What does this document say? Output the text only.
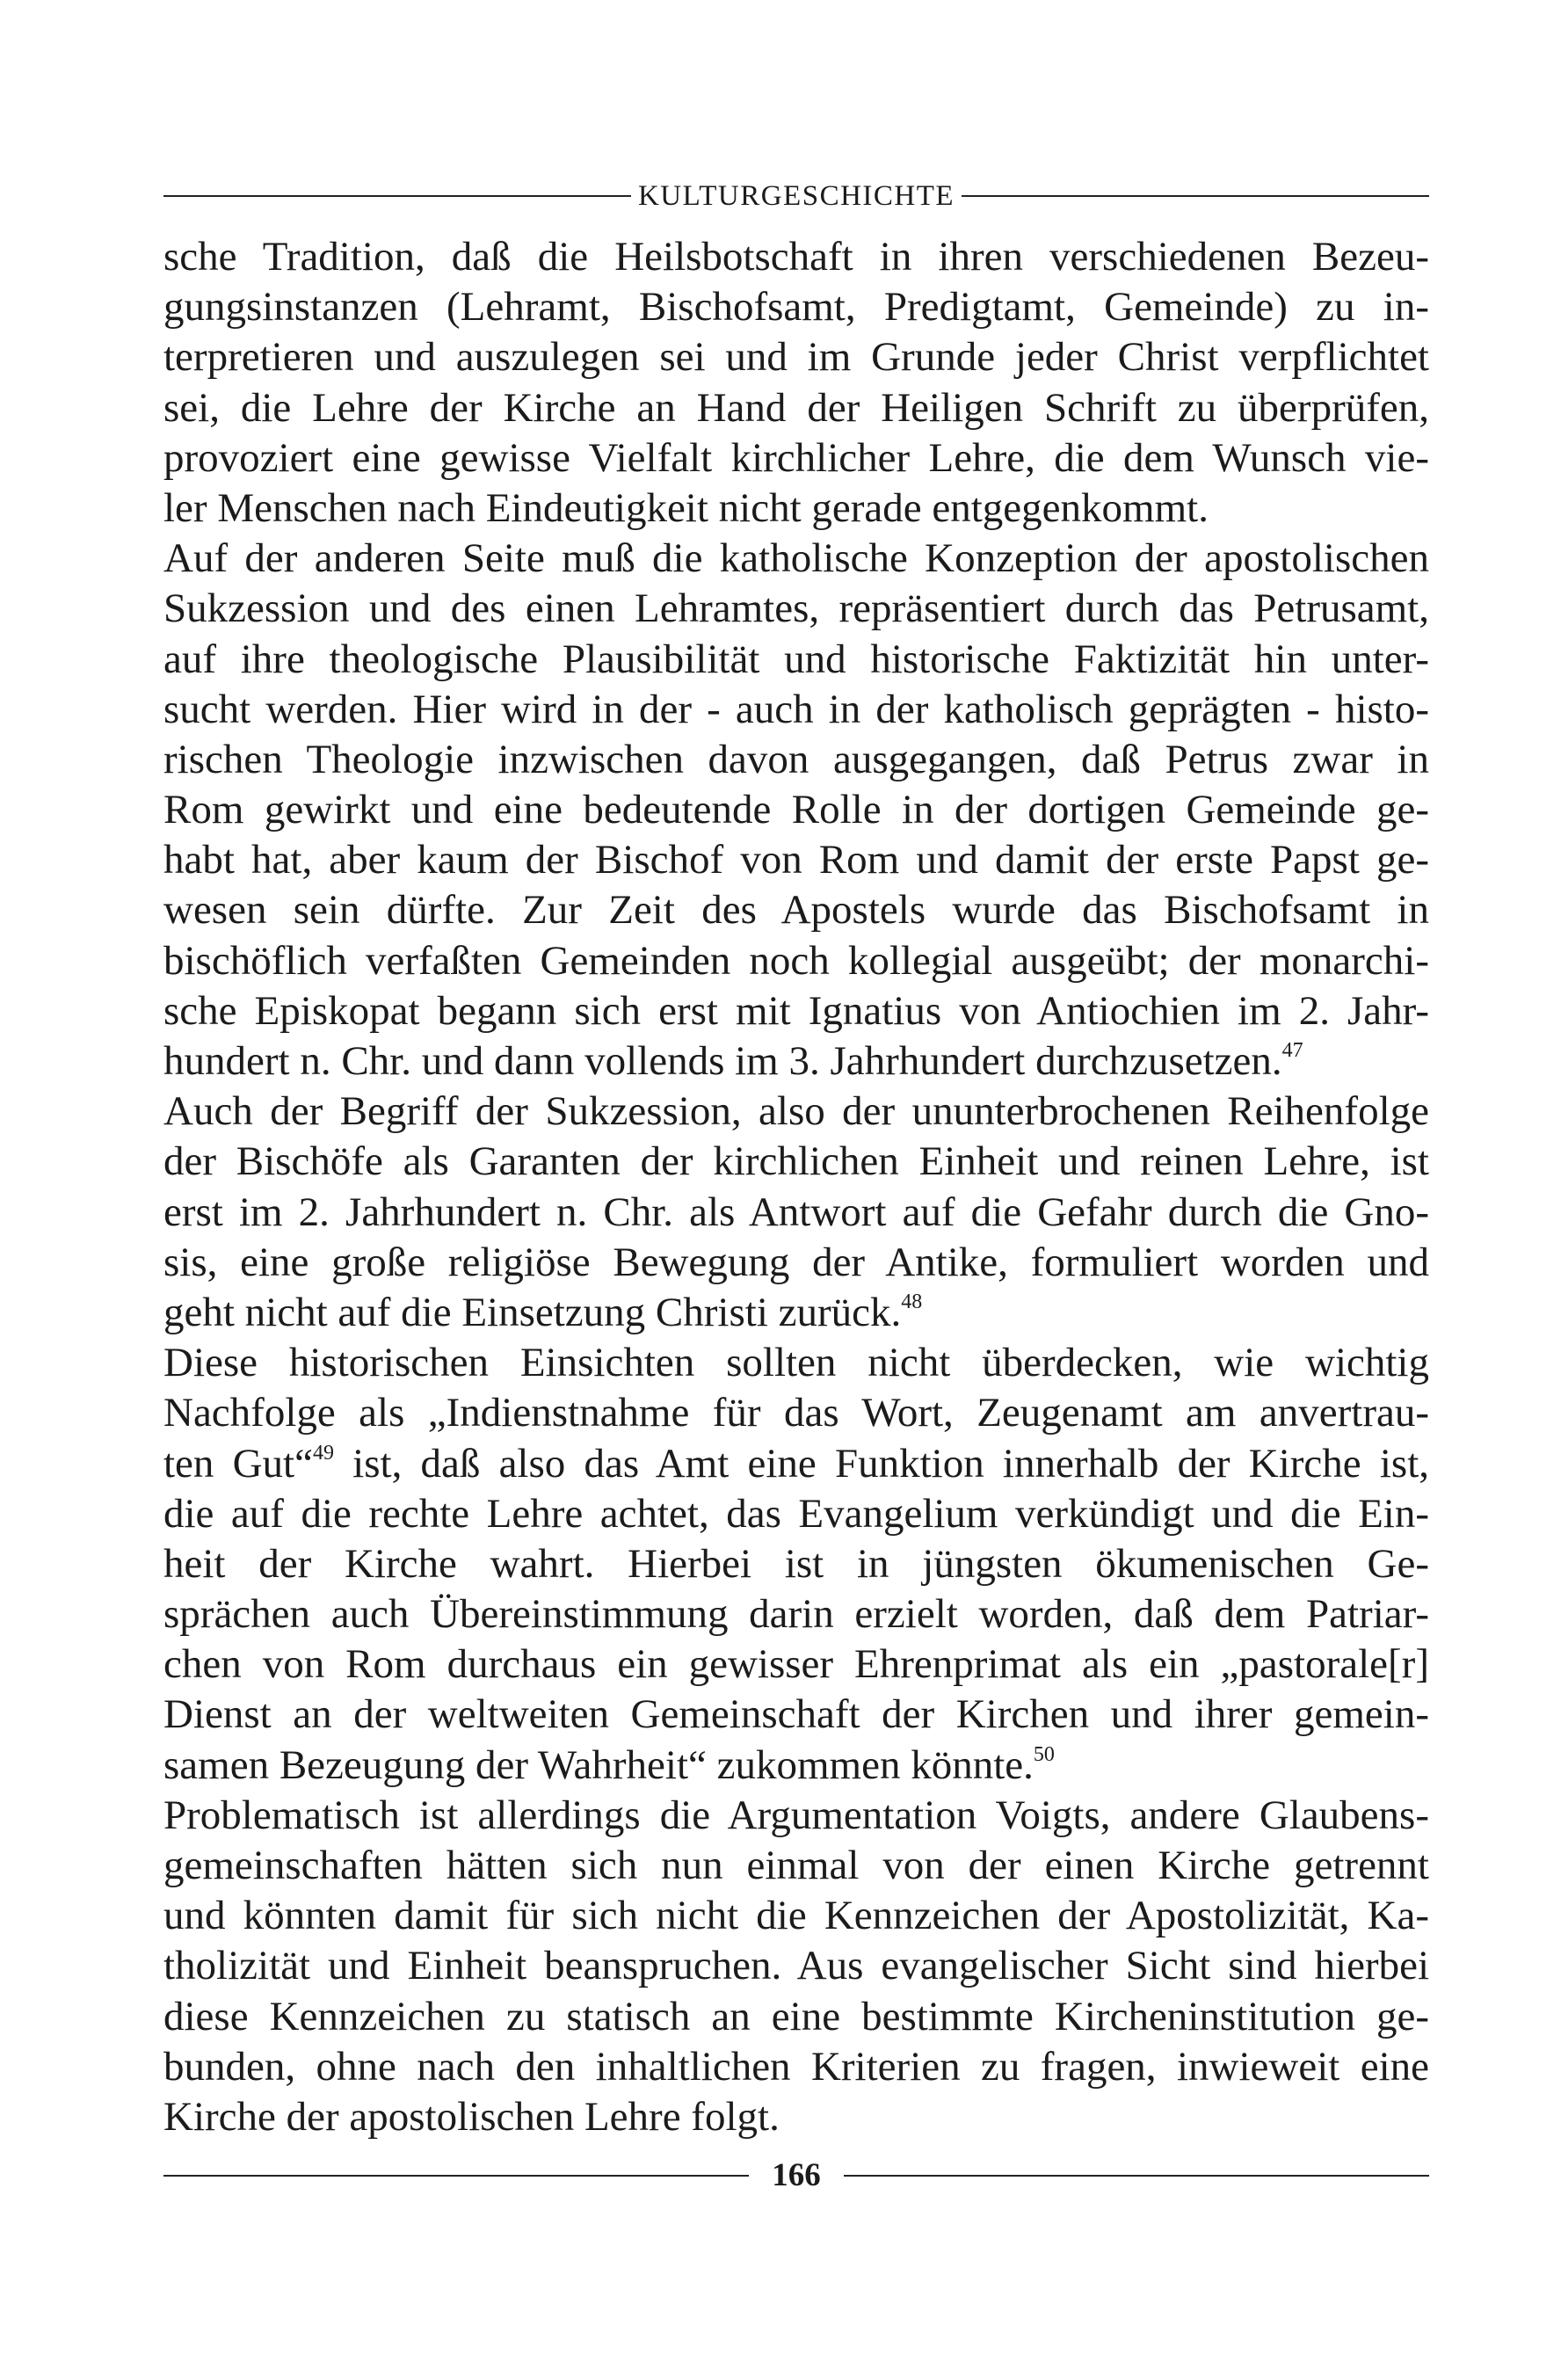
KULTURGESCHICHTE
sche Tradition, daß die Heilsbotschaft in ihren verschiedenen Bezeu-
gungsinstanzen (Lehramt, Bischofsamt, Predigtamt, Gemeinde) zu in-
terpretieren und auszulegen sei und im Grunde jeder Christ verpflichtet
sei, die Lehre der Kirche an Hand der Heiligen Schrift zu überprüfen,
provoziert eine gewisse Vielfalt kirchlicher Lehre, die dem Wunsch vie-
ler Menschen nach Eindeutigkeit nicht gerade entgegenkommt.
Auf der anderen Seite muß die katholische Konzeption der apostolischen
Sukzession und des einen Lehramtes, repräsentiert durch das Petrusamt,
auf ihre theologische Plausibilität und historische Faktizität hin unter-
sucht werden. Hier wird in der - auch in der katholisch geprägten - histo-
rischen Theologie inzwischen davon ausgegangen, daß Petrus zwar in
Rom gewirkt und eine bedeutende Rolle in der dortigen Gemeinde ge-
habt hat, aber kaum der Bischof von Rom und damit der erste Papst ge-
wesen sein dürfte. Zur Zeit des Apostels wurde das Bischofsamt in
bischöflich verfaßten Gemeinden noch kollegial ausgeübt; der monarchi-
sche Episkopat begann sich erst mit Ignatius von Antiochien im 2. Jahr-
hundert n. Chr. und dann vollends im 3. Jahrhundert durchzusetzen.$^{47}$
Auch der Begriff der Sukzession, also der ununterbrochenen Reihenfolge
der Bischöfe als Garanten der kirchlichen Einheit und reinen Lehre, ist
erst im 2. Jahrhundert n. Chr. als Antwort auf die Gefahr durch die Gno-
sis, eine große religiöse Bewegung der Antike, formuliert worden und
geht nicht auf die Einsetzung Christi zurück.$^{48}$
Diese historischen Einsichten sollten nicht überdecken, wie wichtig
Nachfolge als „Indienstnahme für das Wort, Zeugenamt am anvertrau-
ten Gut“$^{49}$ ist, daß also das Amt eine Funktion innerhalb der Kirche ist,
die auf die rechte Lehre achtet, das Evangelium verkündigt und die Ein-
heit der Kirche wahrt. Hierbei ist in jüngsten ökumenischen Ge-
sprächen auch Übereinstimmung darin erzielt worden, daß dem Patriar-
chen von Rom durchaus ein gewisser Ehrenprimat als ein „pastorale[r]
Dienst an der weltweiten Gemeinschaft der Kirchen und ihrer gemein-
samen Bezeugung der Wahrheit“ zukommen könnte.$^{50}$
Problematisch ist allerdings die Argumentation Voigts, andere Glaubens-
gemeinschaften hätten sich nun einmal von der einen Kirche getrennt
und könnten damit für sich nicht die Kennzeichen der Apostolizität, Ka-
tholizität und Einheit beanspruchen. Aus evangelischer Sicht sind hierbei
diese Kennzeichen zu statisch an eine bestimmte Kircheninstitution ge-
bunden, ohne nach den inhaltlichen Kriterien zu fragen, inwieweit eine
Kirche der apostolischen Lehre folgt.
166
